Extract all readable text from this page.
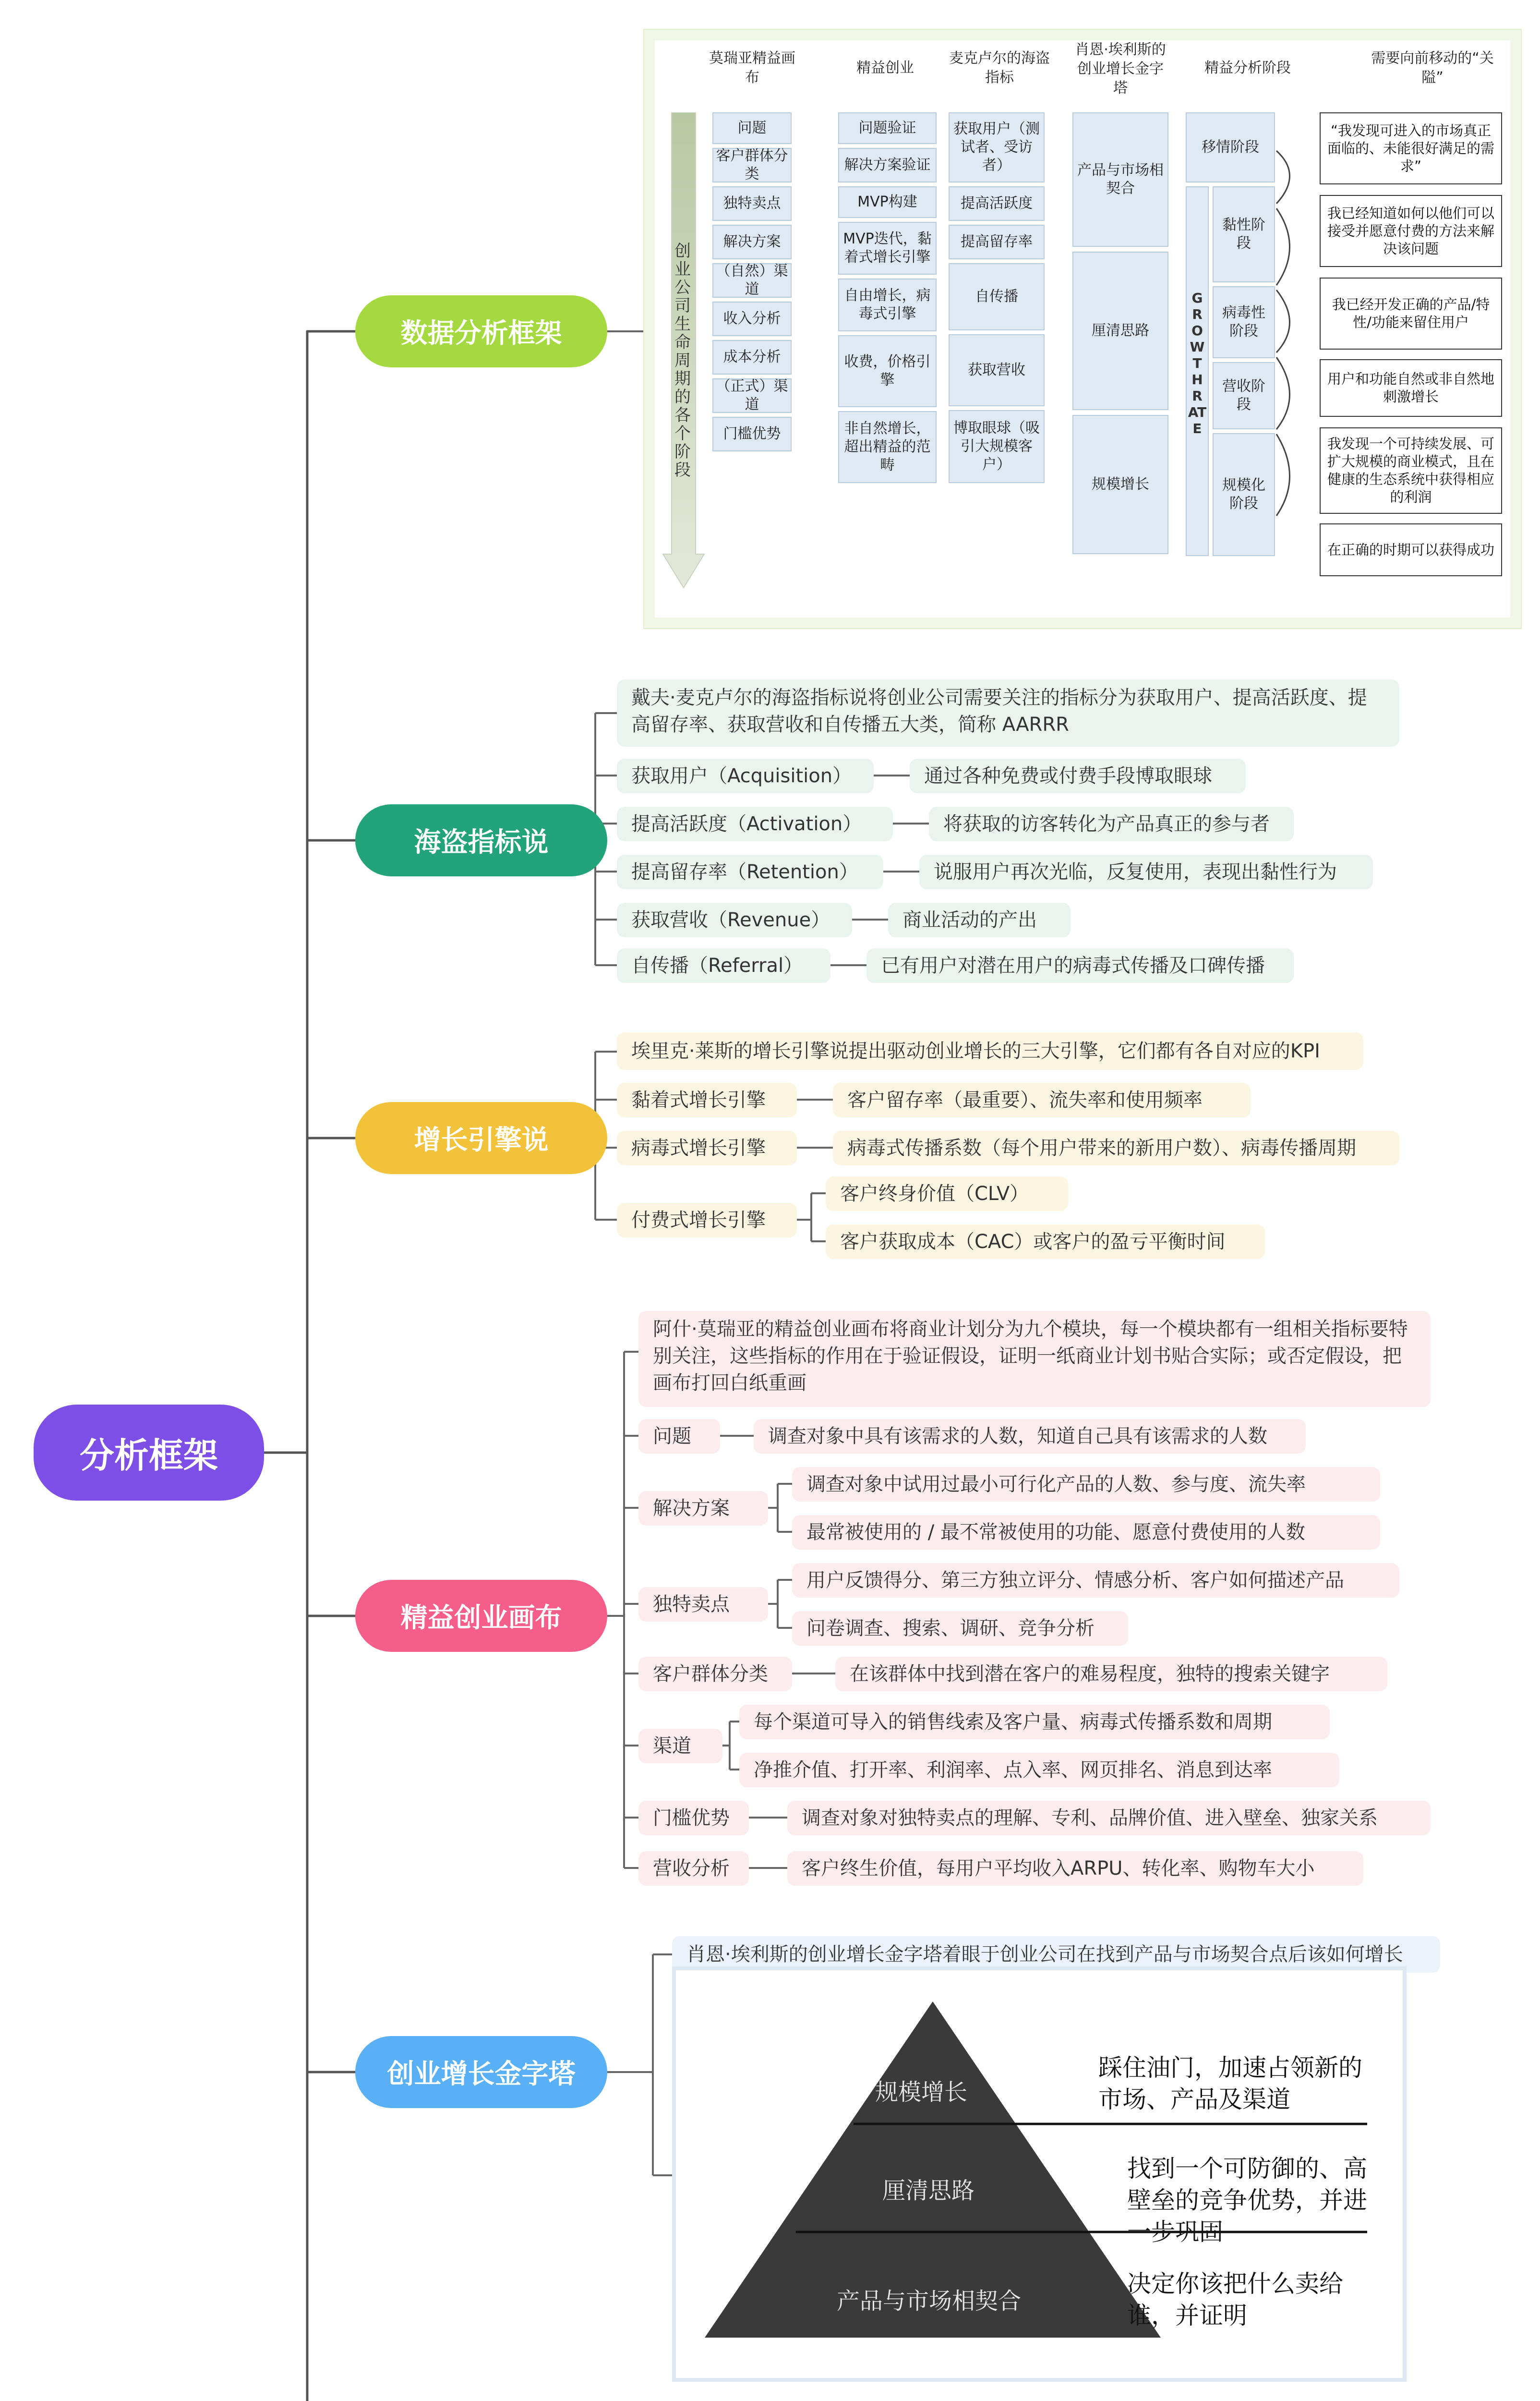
分析框架
数据分析框架
莫瑞亚精益画布
精益创业
麦克卢尔的海盗指标
肖恩·埃利斯的创业增长金字塔
精益分析阶段
需要向前移动的“关隘”
创业公司生命周期的各个阶段
问题
客户群体分类
独特卖点
解决方案
（自然）渠道
收入分析
成本分析
（正式）渠道
门槛优势
问题验证
解决方案验证
MVP构建
MVP迭代，黏着式增长引擎
自由增长，病毒式引擎
收费，价格引擎
非自然增长，超出精益的范畴
获取用户（测试者、受访者）
提高活跃度
提高留存率
自传播
获取营收
博取眼球（吸引大规模客户）
产品与市场相契合
厘清思路
规模增长
移情阶段
GROWTH RATE
黏性阶段
病毒性阶段
营收阶段
规模化阶段
“我发现可进入的市场真正面临的、未能很好满足的需求”
我已经知道如何以他们可以接受并愿意付费的方法来解决该问题
我已经开发正确的产品/特性/功能来留住用户
用户和功能自然或非自然地刺激增长
我发现一个可持续发展、可扩大规模的商业模式，且在健康的生态系统中获得相应的利润
在正确的时期可以获得成功
海盗指标说
戴夫·麦克卢尔的海盗指标说将创业公司需要关注的指标分为获取用户、提高活跃度、提高留存率、获取营收和自传播五大类，简称 AARRR
获取用户（Acquisition）	通过各种免费或付费手段博取眼球
提高活跃度（Activation）	将获取的访客转化为产品真正的参与者
提高留存率（Retention）	说服用户再次光临，反复使用，表现出黏性行为
获取营收（Revenue）	商业活动的产出
自传播（Referral）	已有用户对潜在用户的病毒式传播及口碑传播
增长引擎说
埃里克·莱斯的增长引擎说提出驱动创业增长的三大引擎，它们都有各自对应的KPI
黏着式增长引擎	客户留存率（最重要）、流失率和使用频率
病毒式增长引擎	病毒式传播系数（每个用户带来的新用户数）、病毒传播周期
付费式增长引擎
客户终身价值（CLV）
客户获取成本（CAC）或客户的盈亏平衡时间
精益创业画布
阿什·莫瑞亚的精益创业画布将商业计划分为九个模块，每一个模块都有一组相关指标要特别关注，这些指标的作用在于验证假设，证明一纸商业计划书贴合实际；或否定假设，把画布打回白纸重画
问题	调查对象中具有该需求的人数，知道自己具有该需求的人数
解决方案
调查对象中试用过最小可行化产品的人数、参与度、流失率
最常被使用的 / 最不常被使用的功能、愿意付费使用的人数
独特卖点
用户反馈得分、第三方独立评分、情感分析、客户如何描述产品
问卷调查、搜索、调研、竞争分析
客户群体分类	在该群体中找到潜在客户的难易程度，独特的搜索关键字
渠道
每个渠道可导入的销售线索及客户量、病毒式传播系数和周期
净推介值、打开率、利润率、点入率、网页排名、消息到达率
门槛优势	调查对象对独特卖点的理解、专利、品牌价值、进入壁垒、独家关系
营收分析	客户终生价值，每用户平均收入ARPU、转化率、购物车大小
创业增长金字塔
肖恩·埃利斯的创业增长金字塔着眼于创业公司在找到产品与市场契合点后该如何增长
规模增长
厘清思路
产品与市场相契合
踩住油门，加速占领新的市场、产品及渠道
找到一个可防御的、高壁垒的竞争优势，并进一步巩固
决定你该把什么卖给谁，并证明
